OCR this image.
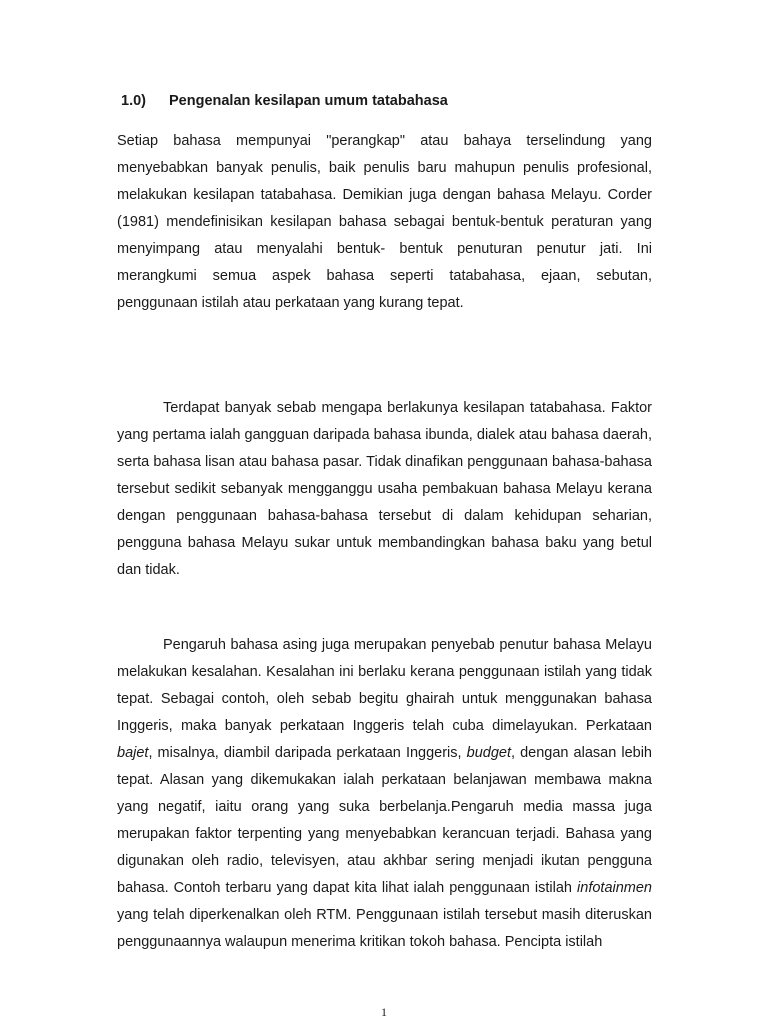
1.0) Pengenalan kesilapan umum tatabahasa

Setiap bahasa mempunyai "perangkap" atau bahaya terselindung yang menyebabkan banyak penulis, baik penulis baru mahupun penulis profesional, melakukan kesilapan tatabahasa. Demikian juga dengan bahasa Melayu. Corder (1981) mendefinisikan kesilapan bahasa sebagai bentuk-bentuk peraturan yang menyimpang atau menyalahi bentuk- bentuk penuturan penutur jati. Ini merangkumi semua aspek bahasa seperti tatabahasa, ejaan, sebutan, penggunaan istilah atau perkataan yang kurang tepat.

Terdapat banyak sebab mengapa berlakunya kesilapan tatabahasa. Faktor yang pertama ialah gangguan daripada bahasa ibunda, dialek atau bahasa daerah, serta bahasa lisan atau bahasa pasar. Tidak dinafikan penggunaan bahasa-bahasa tersebut sedikit sebanyak mengganggu usaha pembakuan bahasa Melayu kerana dengan penggunaan bahasa-bahasa tersebut di dalam kehidupan seharian, pengguna bahasa Melayu sukar untuk membandingkan bahasa baku yang betul dan tidak.

Pengaruh bahasa asing juga merupakan penyebab penutur bahasa Melayu melakukan kesalahan. Kesalahan ini berlaku kerana penggunaan istilah yang tidak tepat. Sebagai contoh, oleh sebab begitu ghairah untuk menggunakan bahasa Inggeris, maka banyak perkataan Inggeris telah cuba dimelayukan. Perkataan bajet, misalnya, diambil daripada perkataan Inggeris, budget, dengan alasan lebih tepat. Alasan yang dikemukakan ialah perkataan belanjawan membawa makna yang negatif, iaitu orang yang suka berbelanja.Pengaruh media massa juga merupakan faktor terpenting yang menyebabkan kerancuan terjadi. Bahasa yang digunakan oleh radio, televisyen, atau akhbar sering menjadi ikutan pengguna bahasa. Contoh terbaru yang dapat kita lihat ialah penggunaan istilah infotainmen yang telah diperkenalkan oleh RTM. Penggunaan istilah tersebut masih diteruskan penggunaannya walaupun menerima kritikan tokoh bahasa. Pencipta istilah

1
